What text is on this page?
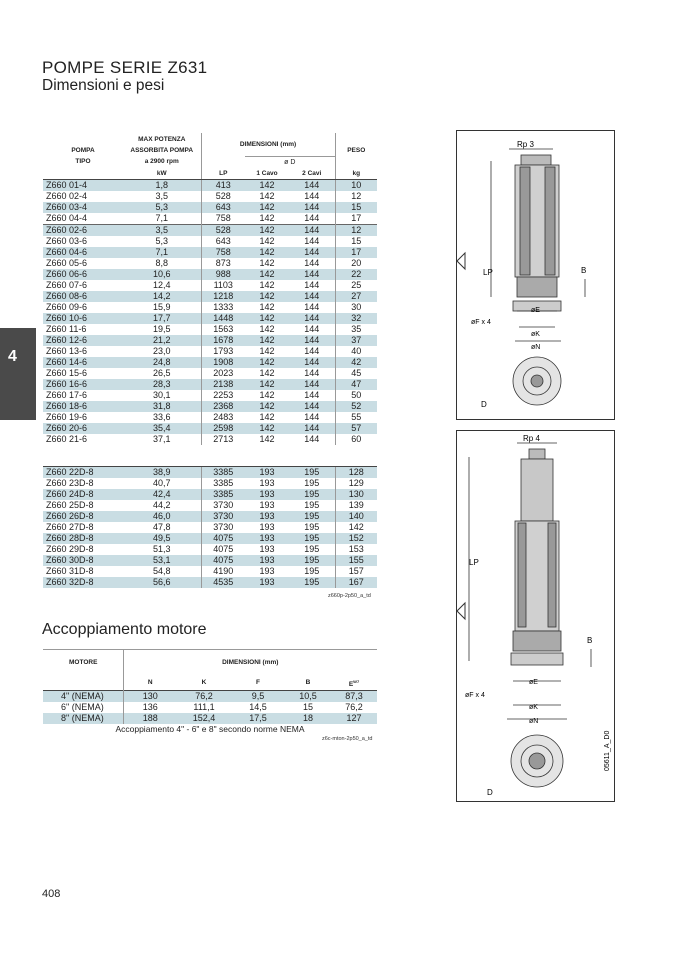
POMPE SERIE Z631
Dimensioni e pesi
4
POMPA	MAX POTENZA	DIMENSIONI (mm)			PESO
	ASSORBITA POMPA				
TIPO	a 2900 rpm		ø D		
	kW	LP	1 Cavo	2 Cavi	kg
Z660 01-4	1,8	413	142	144	10
Z660 02-4	3,5	528	142	144	12
Z660 03-4	5,3	643	142	144	15
Z660 04-4	7,1	758	142	144	17
Z660 02-6	3,5	528	142	144	12
Z660 03-6	5,3	643	142	144	15
Z660 04-6	7,1	758	142	144	17
Z660 05-6	8,8	873	142	144	20
Z660 06-6	10,6	988	142	144	22
Z660 07-6	12,4	1103	142	144	25
Z660 08-6	14,2	1218	142	144	27
Z660 09-6	15,9	1333	142	144	30
Z660 10-6	17,7	1448	142	144	32
Z660 11-6	19,5	1563	142	144	35
Z660 12-6	21,2	1678	142	144	37
Z660 13-6	23,0	1793	142	144	40
Z660 14-6	24,8	1908	142	144	42
Z660 15-6	26,5	2023	142	144	45
Z660 16-6	28,3	2138	142	144	47
Z660 17-6	30,1	2253	142	144	50
Z660 18-6	31,8	2368	142	144	52
Z660 19-6	33,6	2483	142	144	55
Z660 20-6	35,4	2598	142	144	57
Z660 21-6	37,1	2713	142	144	60
Z660 22D-8	38,9	3385	193	195	128
Z660 23D-8	40,7	3385	193	195	129
Z660 24D-8	42,4	3385	193	195	130
Z660 25D-8	44,2	3730	193	195	139
Z660 26D-8	46,0	3730	193	195	140
Z660 27D-8	47,8	3730	193	195	142
Z660 28D-8	49,5	4075	193	195	152
Z660 29D-8	51,3	4075	193	195	153
Z660 30D-8	53,1	4075	193	195	155
Z660 31D-8	54,8	4190	193	195	157
Z660 32D-8	56,6	4535	193	195	167
z660p-2p50_a_td
Accoppiamento motore
MOTORE	DIMENSIONI (mm)				
	N	K	F	B	$E^{W7}$
4" (NEMA)	130	76,2	9,5	10,5	87,3
6" (NEMA)	136	111,1	14,5	15	76,2
8" (NEMA)	188	152,4	17,5	18	127
Accoppiamento 4" - 6" e 8" secondo norme NEMA					
z6c-mton-2p50_a_td
Rp 3
LP	B
øF x 4
øE
øK
øN
D
Rp 4
LP
B
øF x 4
øE
øK
øN
D
05611_A_D0
408
